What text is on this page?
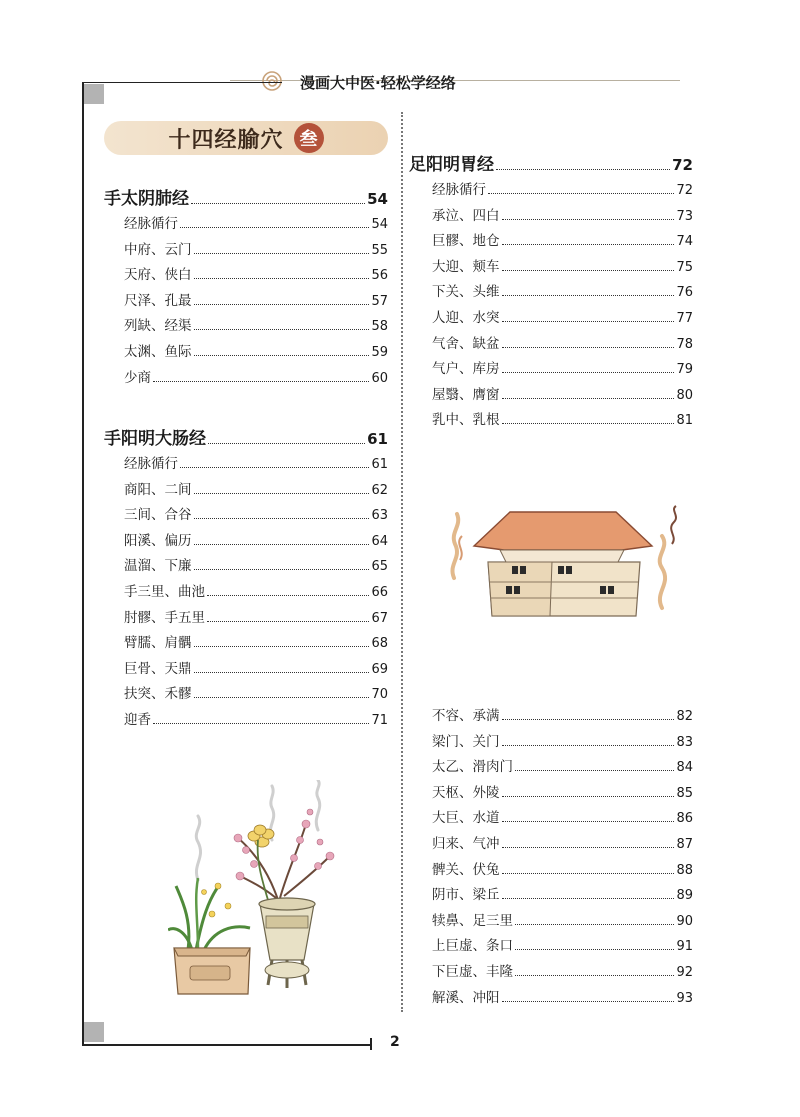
漫画大中医·轻松学经络
2
十四经腧穴 叁
手太阴肺经	54
经脉循行	54
中府、云门	55
天府、侠白	56
尺泽、孔最	57
列缺、经渠	58
太渊、鱼际	59
少商	60
手阳明大肠经	61
经脉循行	61
商阳、二间	62
三间、合谷	63
阳溪、偏历	64
温溜、下廉	65
手三里、曲池	66
肘髎、手五里	67
臂臑、肩髃	68
巨骨、天鼎	69
扶突、禾髎	70
迎香	71
足阳明胃经	72
经脉循行	72
承泣、四白	73
巨髎、地仓	74
大迎、颊车	75
下关、头维	76
人迎、水突	77
气舍、缺盆	78
气户、库房	79
屋翳、膺窗	80
乳中、乳根	81
不容、承满	82
梁门、关门	83
太乙、滑肉门	84
天枢、外陵	85
大巨、水道	86
归来、气冲	87
髀关、伏兔	88
阴市、梁丘	89
犊鼻、足三里	90
上巨虚、条口	91
下巨虚、丰隆	92
解溪、冲阳	93
